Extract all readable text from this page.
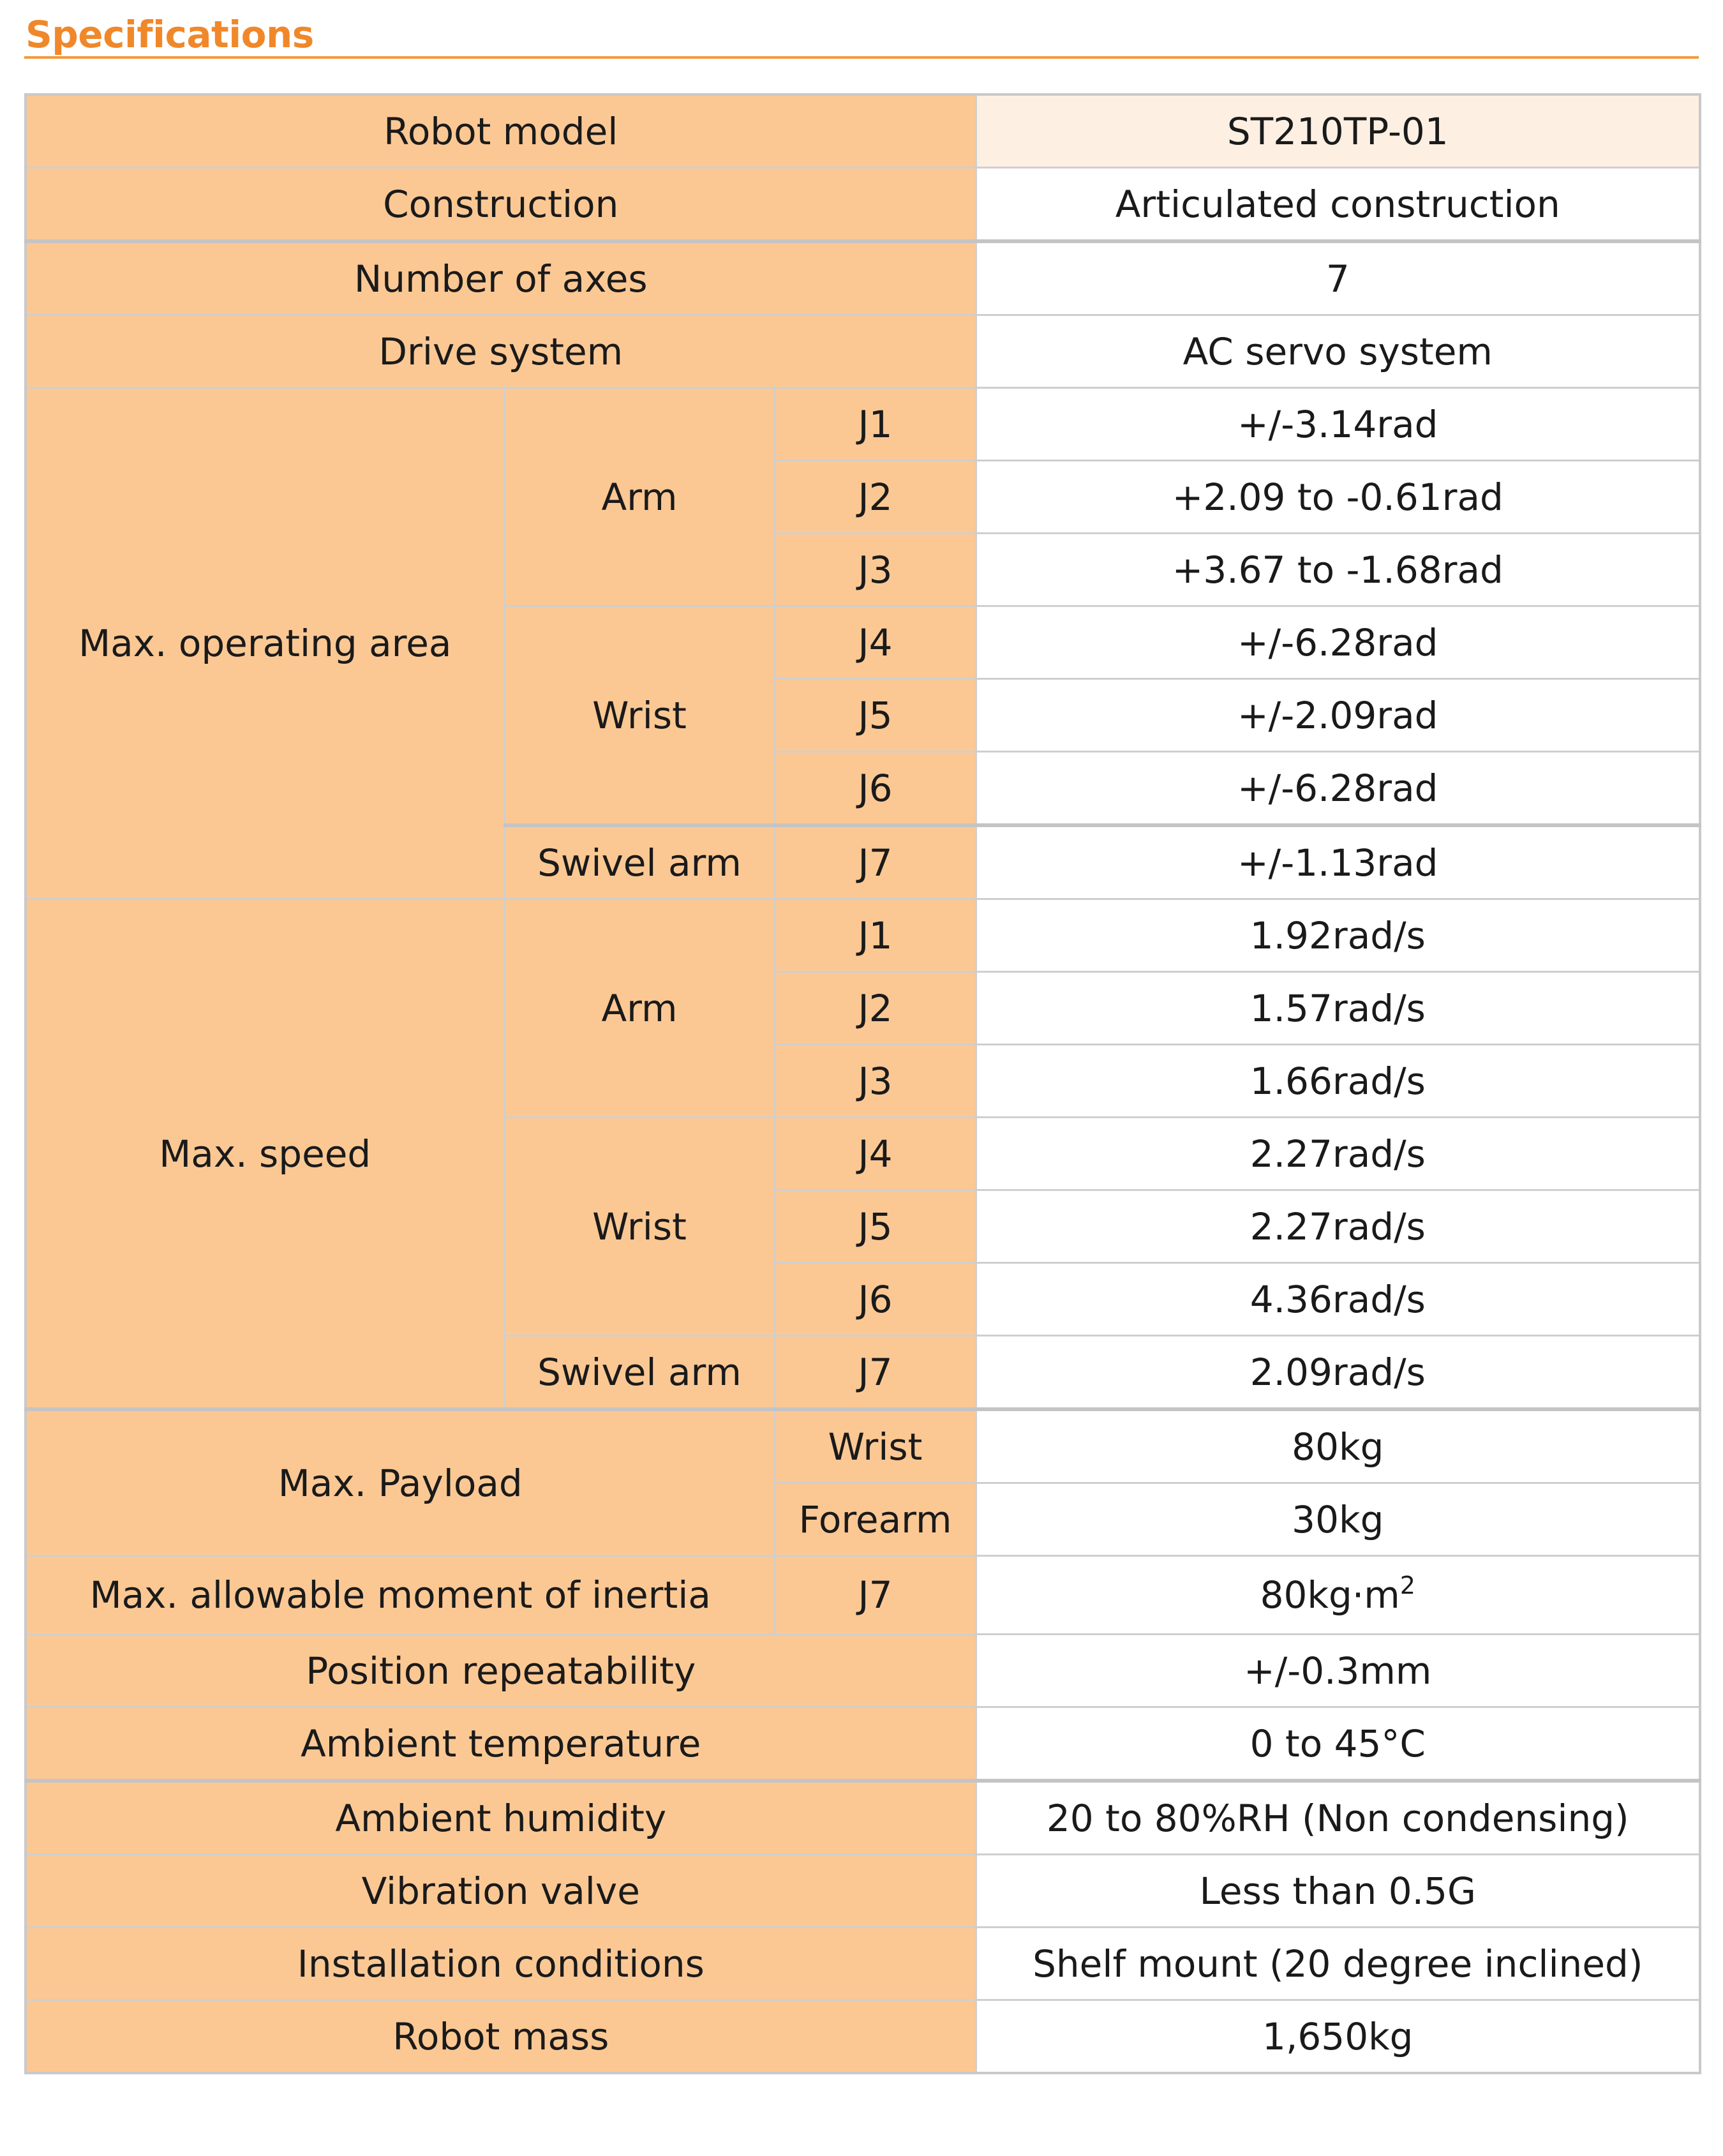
Specifications
Robot model			ST210TP-01
Construction			Articulated construction
Number of axes			7
Drive system			AC servo system
Max. operating area	Arm	J1	+/-3.14rad
		J2	+2.09 to -0.61rad
		J3	+3.67 to -1.68rad
	Wrist	J4	+/-6.28rad
		J5	+/-2.09rad
		J6	+/-6.28rad
	Swivel arm	J7	+/-1.13rad
Max. speed	Arm	J1	1.92rad/s
		J2	1.57rad/s
		J3	1.66rad/s
	Wrist	J4	2.27rad/s
		J5	2.27rad/s
		J6	4.36rad/s
	Swivel arm	J7	2.09rad/s
Max. Payload		Wrist	80kg
		Forearm	30kg
Max. allowable moment of inertia		J7	$80kg\cdot m^2$
Position repeatability			+/-0.3mm
Ambient temperature			0 to 45°C
Ambient humidity			20 to 80%RH (Non condensing)
Vibration valve			Less than 0.5G
Installation conditions			Shelf mount (20 degree inclined)
Robot mass			1,650kg
